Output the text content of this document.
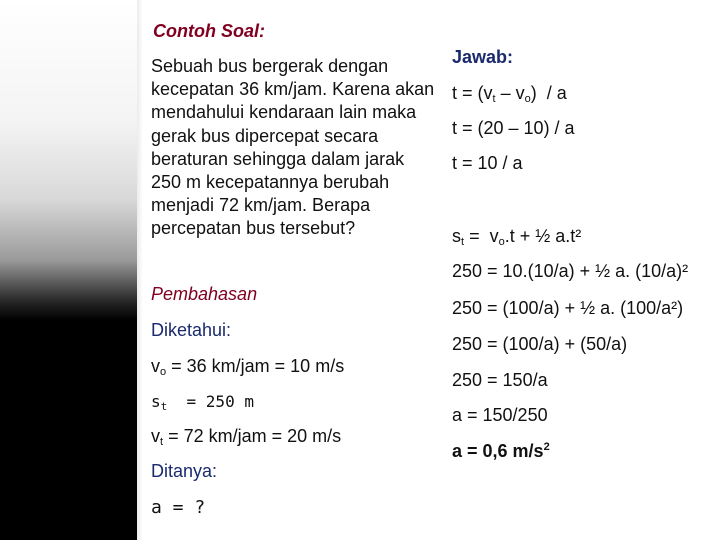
Contoh Soal:
Sebuah bus bergerak dengan kecepatan 36 km/jam. Karena akan mendahului kendaraan lain maka gerak bus dipercepat secara beraturan sehingga dalam jarak 250 m kecepatannya berubah menjadi 72 km/jam. Berapa percepatan bus tersebut?
Pembahasan
Diketahui:
$v_o = 36$ km/jam = 10 m/s
$s_t = 250$ m
$v_t = 72$ km/jam = 20 m/s
Ditanya:
a = ?
Jawab:
$t = (v_t - v_o) / a$
t = (20 – 10) / a
t = 10 / a
$s_t = v_o.t$ + ½ a.t²
250 = 10.(10/a) + ½ a. (10/a)²
250 = (100/a) + ½ a. (100/a²)
250 = (100/a) + (50/a)
250 = 150/a
a = 150/250
a = 0,6 $m/s^2$
